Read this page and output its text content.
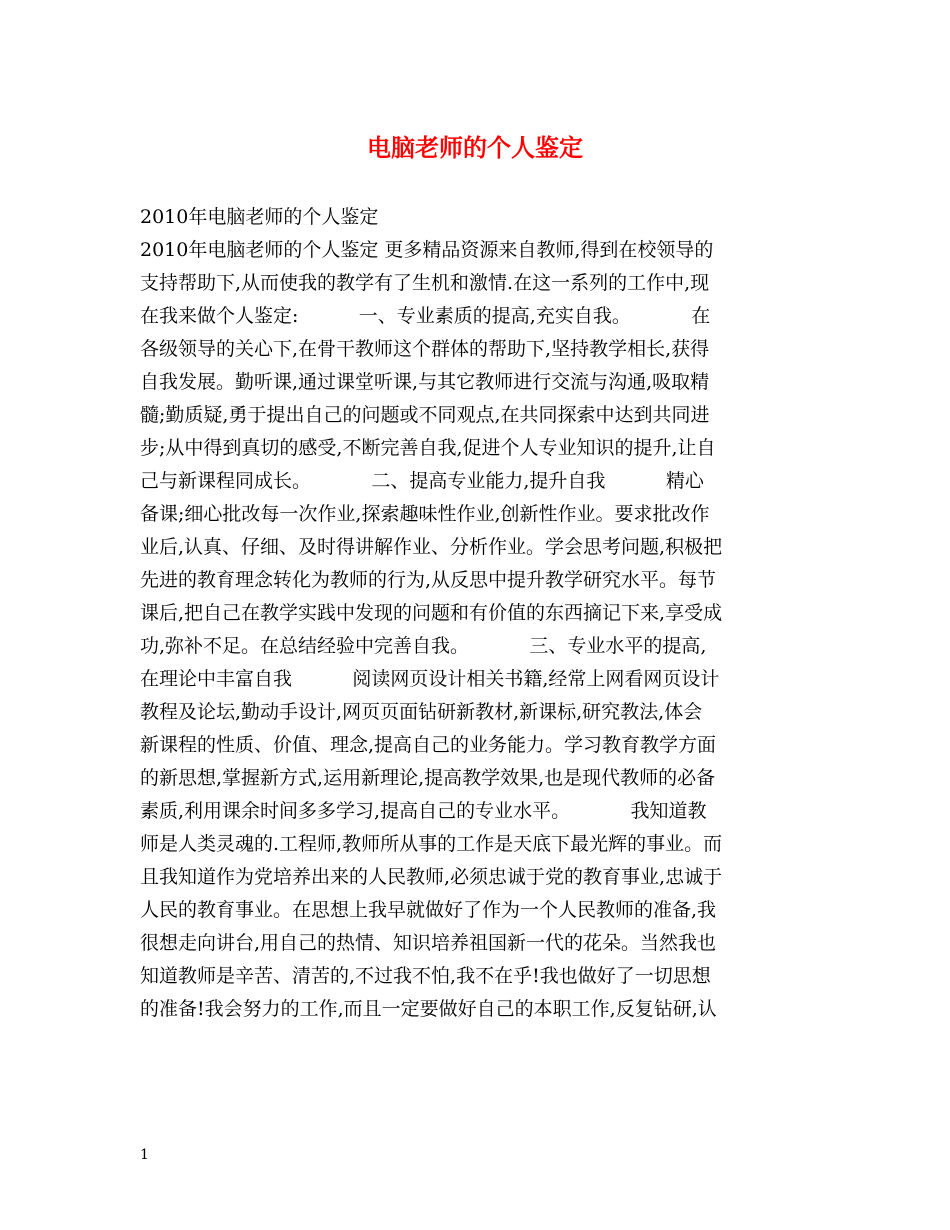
电脑老师的个人鉴定
2010年电脑老师的个人鉴定
2010年电脑老师的个人鉴定 更多精品资源来自教师,得到在校领导的
支持帮助下,从而使我的教学有了生机和激情.在这一系列的工作中,现
在我来做个人鉴定:          一、专业素质的提高,充实自我。          在
各级领导的关心下,在骨干教师这个群体的帮助下,坚持教学相长,获得
自我发展。勤听课,通过课堂听课,与其它教师进行交流与沟通,吸取精
髓;勤质疑,勇于提出自己的问题或不同观点,在共同探索中达到共同进
步;从中得到真切的感受,不断完善自我,促进个人专业知识的提升,让自
己与新课程同成长。          二、提高专业能力,提升自我          精心
备课;细心批改每一次作业,探索趣味性作业,创新性作业。要求批改作
业后,认真、仔细、及时得讲解作业、分析作业。学会思考问题,积极把
先进的教育理念转化为教师的行为,从反思中提升教学研究水平。每节
课后,把自己在教学实践中发现的问题和有价值的东西摘记下来,享受成
功,弥补不足。在总结经验中完善自我。          三、专业水平的提高,
在理论中丰富自我          阅读网页设计相关书籍,经常上网看网页设计
教程及论坛,勤动手设计,网页页面钻研新教材,新课标,研究教法,体会
新课程的性质、价值、理念,提高自己的业务能力。学习教育教学方面
的新思想,掌握新方式,运用新理论,提高教学效果,也是现代教师的必备
素质,利用课余时间多多学习,提高自己的专业水平。          我知道教
师是人类灵魂的.工程师,教师所从事的工作是天底下最光辉的事业。而
且我知道作为党培养出来的人民教师,必须忠诚于党的教育事业,忠诚于
人民的教育事业。在思想上我早就做好了作为一个人民教师的准备,我
很想走向讲台,用自己的热情、知识培养祖国新一代的花朵。当然我也
知道教师是辛苦、清苦的,不过我不怕,我不在乎!我也做好了一切思想
的准备!我会努力的工作,而且一定要做好自己的本职工作,反复钻研,认
1
